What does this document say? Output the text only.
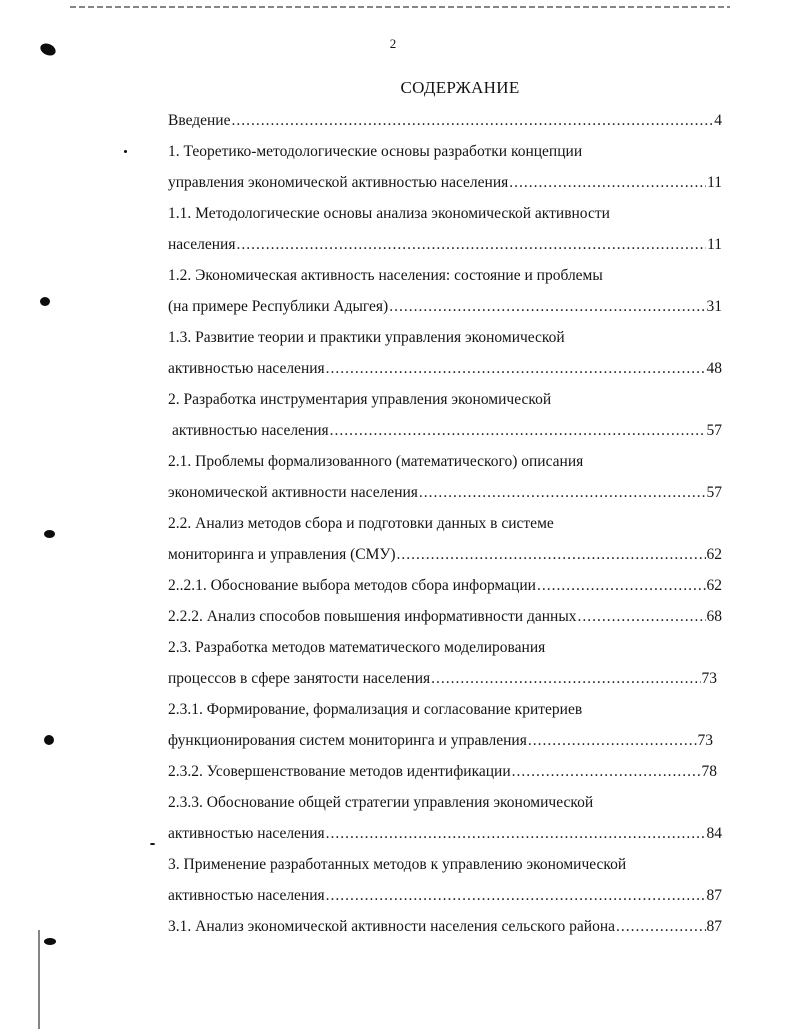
2
СОДЕРЖАНИЕ
Введение .....	4
1. Теоретико-методологические основы разработки концепции
управления экономической активностью населения .....	11
1.1. Методологические основы анализа экономической активности
населения .....	11
1.2. Экономическая активность населения: состояние и проблемы
(на примере Республики Адыгея) .....	31
1.3. Развитие теории и практики управления экономической
активностью населения .....	48
2. Разработка инструментария управления экономической
активностью населения .....	57
2.1. Проблемы формализованного (математического) описания
экономической активности населения .....	57
2.2. Анализ методов сбора и подготовки данных в системе
мониторинга и управления (СМУ) .....	62
2..2.1. Обоснование выбора методов сбора информации .....	62
2.2.2. Анализ способов повышения информативности данных .....	68
2.3. Разработка методов математического моделирования
процессов в сфере занятости населения .....	73
2.3.1. Формирование, формализация и согласование критериев
функционирования систем мониторинга и управления .....	73
2.3.2. Усовершенствование методов идентификации .....	78
2.3.3. Обоснование общей стратегии управления экономической
активностью населения .....	84
3. Применение разработанных методов к управлению экономической
активностью населения .....	87
3.1. Анализ экономической активности населения сельского района .....	87
